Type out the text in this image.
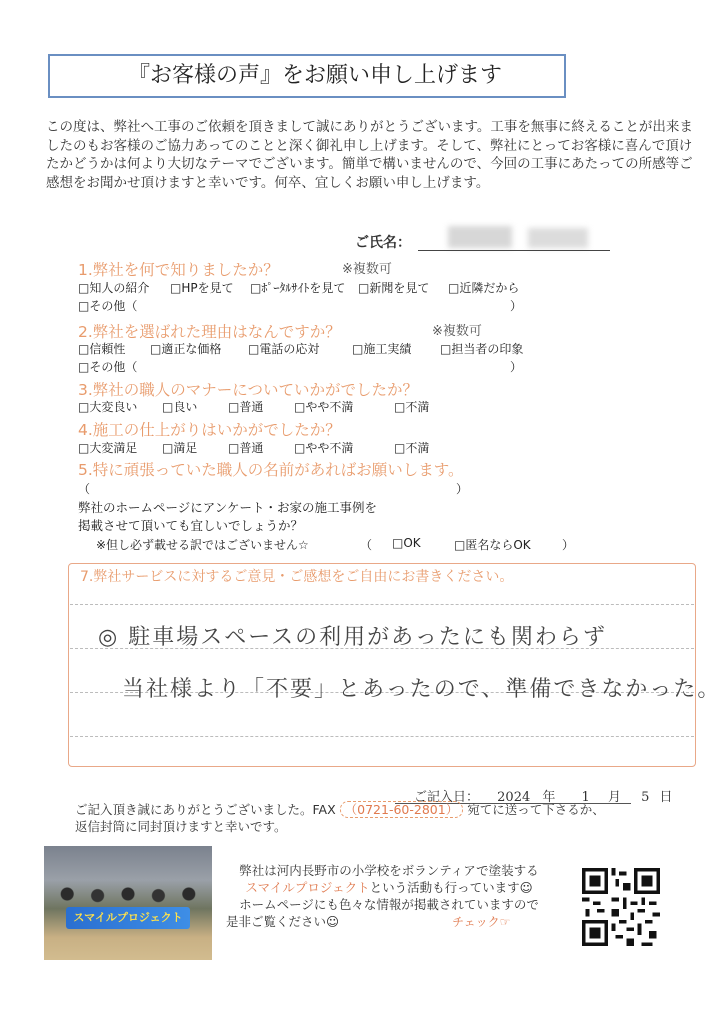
『お客様の声』をお願い申し上げます
この度は、弊社へ工事のご依頼を頂きまして誠にありがとうございます。工事を無事に終えることが出来ましたのもお客様のご協力あってのことと深く御礼申し上げます。そして、弊社にとってお客様に喜んで頂けたかどうかは何より大切なテーマでございます。簡単で構いませんので、今回の工事にあたっての所感等ご感想をお聞かせ頂けますと幸いです。何卒、宜しくお願い申し上げます。
ご氏名：
1.弊社を何で知りましたか？	※複数可
□知人の紹介 □HPを見て □ﾎﾟｰﾀﾙｻｲﾄを見て □新聞を見て □近隣だから
□その他（	）
2.弊社を選ばれた理由はなんですか？	※複数可
□信頼性 □適正な価格 □電話の応対	□施工実績 □担当者の印象
□その他（	）
3.弊社の職人のマナーについていかがでしたか？
□大変良い □良い	□普通	□やや不満	□不満
4.施工の仕上がりはいかがでしたか？
□大変満足 □満足	□普通	□やや不満	□不満
5.特に頑張っていた職人の名前があればお願いします。
（	）
弊社のホームページにアンケート・お家の施工事例を
掲載させて頂いても宜しいでしょうか？
※但し必ず載せる訳ではございません☆	（ □OK	□匿名ならOK	）
7.弊社サービスに対するご意見・ご感想をご自由にお書きください。
◎ 駐車場スペースの利用があったにも関わらず
当社様より「不要」とあったので、準備できなかった。
ご記入日： 2024 年 1 月 5 日
ご記入頂き誠にありがとうございました。FAX （0721-60-2801） 宛てに送って下さるか、
返信封筒に同封頂けますと幸いです。
スマイルプロジェクト
弊社は河内長野市の小学校をボランティアで塗装する
スマイルプロジェクトという活動も行っています☺
ホームページにも色々な情報が掲載されていますので
是非ご覧ください☺	チェック☞
